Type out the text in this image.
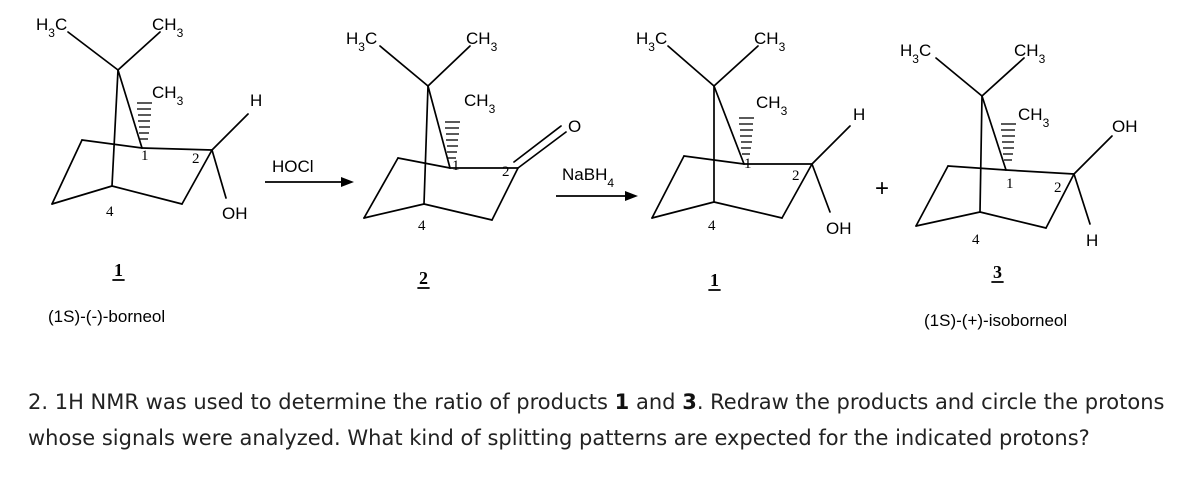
$H_3C$	$CH_3$
$CH_3$
1	2
4
H
OH
1
(1S)-(-)-borneol
HOCl
$H_3C$	$CH_3$
$CH_3$
1	2
4
O
2
NaBH$_4$
$H_3C$	$CH_3$
$CH_3$
1
2
4
H
OH
1
+
$H_3C$	$CH_3$
$CH_3$
1	2
4
OH
H
3
(1S)-(+)-isoborneol
2. 1H NMR was used to determine the ratio of products 1 and 3. Redraw the products and circle the protons whose signals were analyzed. What kind of splitting patterns are expected for the indicated protons?
